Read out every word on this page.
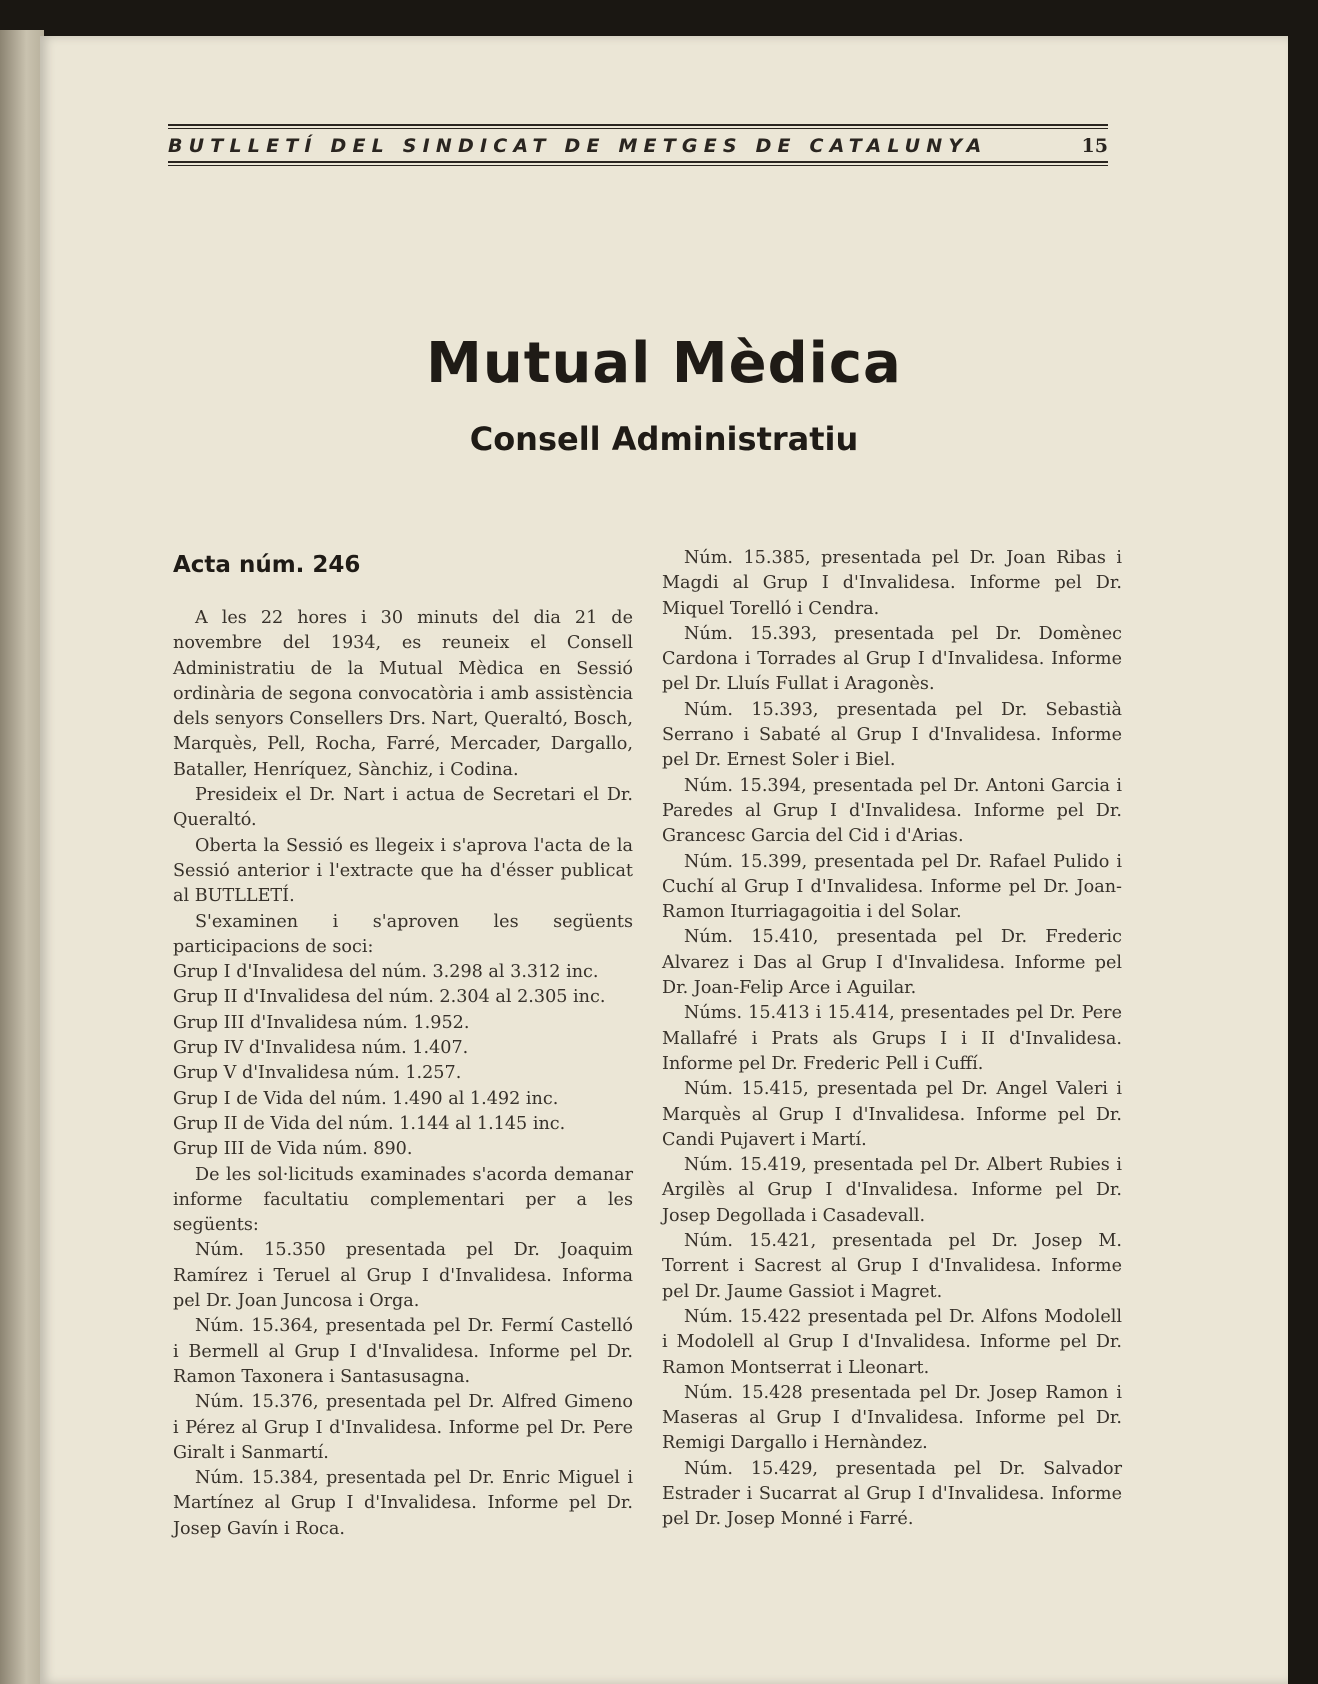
BUTLLETÍ DEL SINDICAT DE METGES DE CATALUNYA	15
Mutual Mèdica
Consell Administratiu
Acta núm. 246

A les 22 hores i 30 minuts del dia 21 de novembre del 1934, es reuneix el Consell Administratiu de la Mutual Mèdica en Sessió ordinària de segona convocatòria i amb assistència dels senyors Consellers Drs. Nart, Queraltó, Bosch, Marquès, Pell, Rocha, Farré, Mercader, Dargallo, Bataller, Henríquez, Sànchiz, i Codina.

Presideix el Dr. Nart i actua de Secretari el Dr. Queraltó.

Oberta la Sessió es llegeix i s'aprova l'acta de la Sessió anterior i l'extracte que ha d'ésser publicat al BUTLLETÍ.

S'examinen i s'aproven les següents participacions de soci:

Grup I d'Invalidesa del núm. 3.298 al 3.312 inc.

Grup II d'Invalidesa del núm. 2.304 al 2.305 inc.

Grup III d'Invalidesa núm. 1.952.

Grup IV d'Invalidesa núm. 1.407.

Grup V d'Invalidesa núm. 1.257.

Grup I de Vida del núm. 1.490 al 1.492 inc.

Grup II de Vida del núm. 1.144 al 1.145 inc.

Grup III de Vida núm. 890.

De les sol·licituds examinades s'acorda demanar informe facultatiu complementari per a les següents:

Núm. 15.350 presentada pel Dr. Joaquim Ramírez i Teruel al Grup I d'Invalidesa. Informa pel Dr. Joan Juncosa i Orga.

Núm. 15.364, presentada pel Dr. Fermí Castelló i Bermell al Grup I d'Invalidesa. Informe pel Dr. Ramon Taxonera i Santasusagna.

Núm. 15.376, presentada pel Dr. Alfred Gimeno i Pérez al Grup I d'Invalidesa. Informe pel Dr. Pere Giralt i Sanmartí.

Núm. 15.384, presentada pel Dr. Enric Miguel i Martínez al Grup I d'Invalidesa. Informe pel Dr. Josep Gavín i Roca.

Núm. 15.385, presentada pel Dr. Joan Ribas i Magdi al Grup I d'Invalidesa. Informe pel Dr. Miquel Torelló i Cendra.

Núm. 15.393, presentada pel Dr. Domènec Cardona i Torrades al Grup I d'Invalidesa. Informe pel Dr. Lluís Fullat i Aragonès.

Núm. 15.393, presentada pel Dr. Sebastià Serrano i Sabaté al Grup I d'Invalidesa. Informe pel Dr. Ernest Soler i Biel.

Núm. 15.394, presentada pel Dr. Antoni Garcia i Paredes al Grup I d'Invalidesa. Informe pel Dr. Grancesc Garcia del Cid i d'Arias.

Núm. 15.399, presentada pel Dr. Rafael Pulido i Cuchí al Grup I d'Invalidesa. Informe pel Dr. Joan-Ramon Iturriagagoitia i del Solar.

Núm. 15.410, presentada pel Dr. Frederic Alvarez i Das al Grup I d'Invalidesa. Informe pel Dr. Joan-Felip Arce i Aguilar.

Núms. 15.413 i 15.414, presentades pel Dr. Pere Mallafré i Prats als Grups I i II d'Invalidesa. Informe pel Dr. Frederic Pell i Cuffí.

Núm. 15.415, presentada pel Dr. Angel Valeri i Marquès al Grup I d'Invalidesa. Informe pel Dr. Candi Pujavert i Martí.

Núm. 15.419, presentada pel Dr. Albert Rubies i Argilès al Grup I d'Invalidesa. Informe pel Dr. Josep Degollada i Casadevall.

Núm. 15.421, presentada pel Dr. Josep M. Torrent i Sacrest al Grup I d'Invalidesa. Informe pel Dr. Jaume Gassiot i Magret.

Núm. 15.422 presentada pel Dr. Alfons Modolell i Modolell al Grup I d'Invalidesa. Informe pel Dr. Ramon Montserrat i Lleonart.

Núm. 15.428 presentada pel Dr. Josep Ramon i Maseras al Grup I d'Invalidesa. Informe pel Dr. Remigi Dargallo i Hernàndez.

Núm. 15.429, presentada pel Dr. Salvador Estrader i Sucarrat al Grup I d'Invalidesa. Informe pel Dr. Josep Monné i Farré.
